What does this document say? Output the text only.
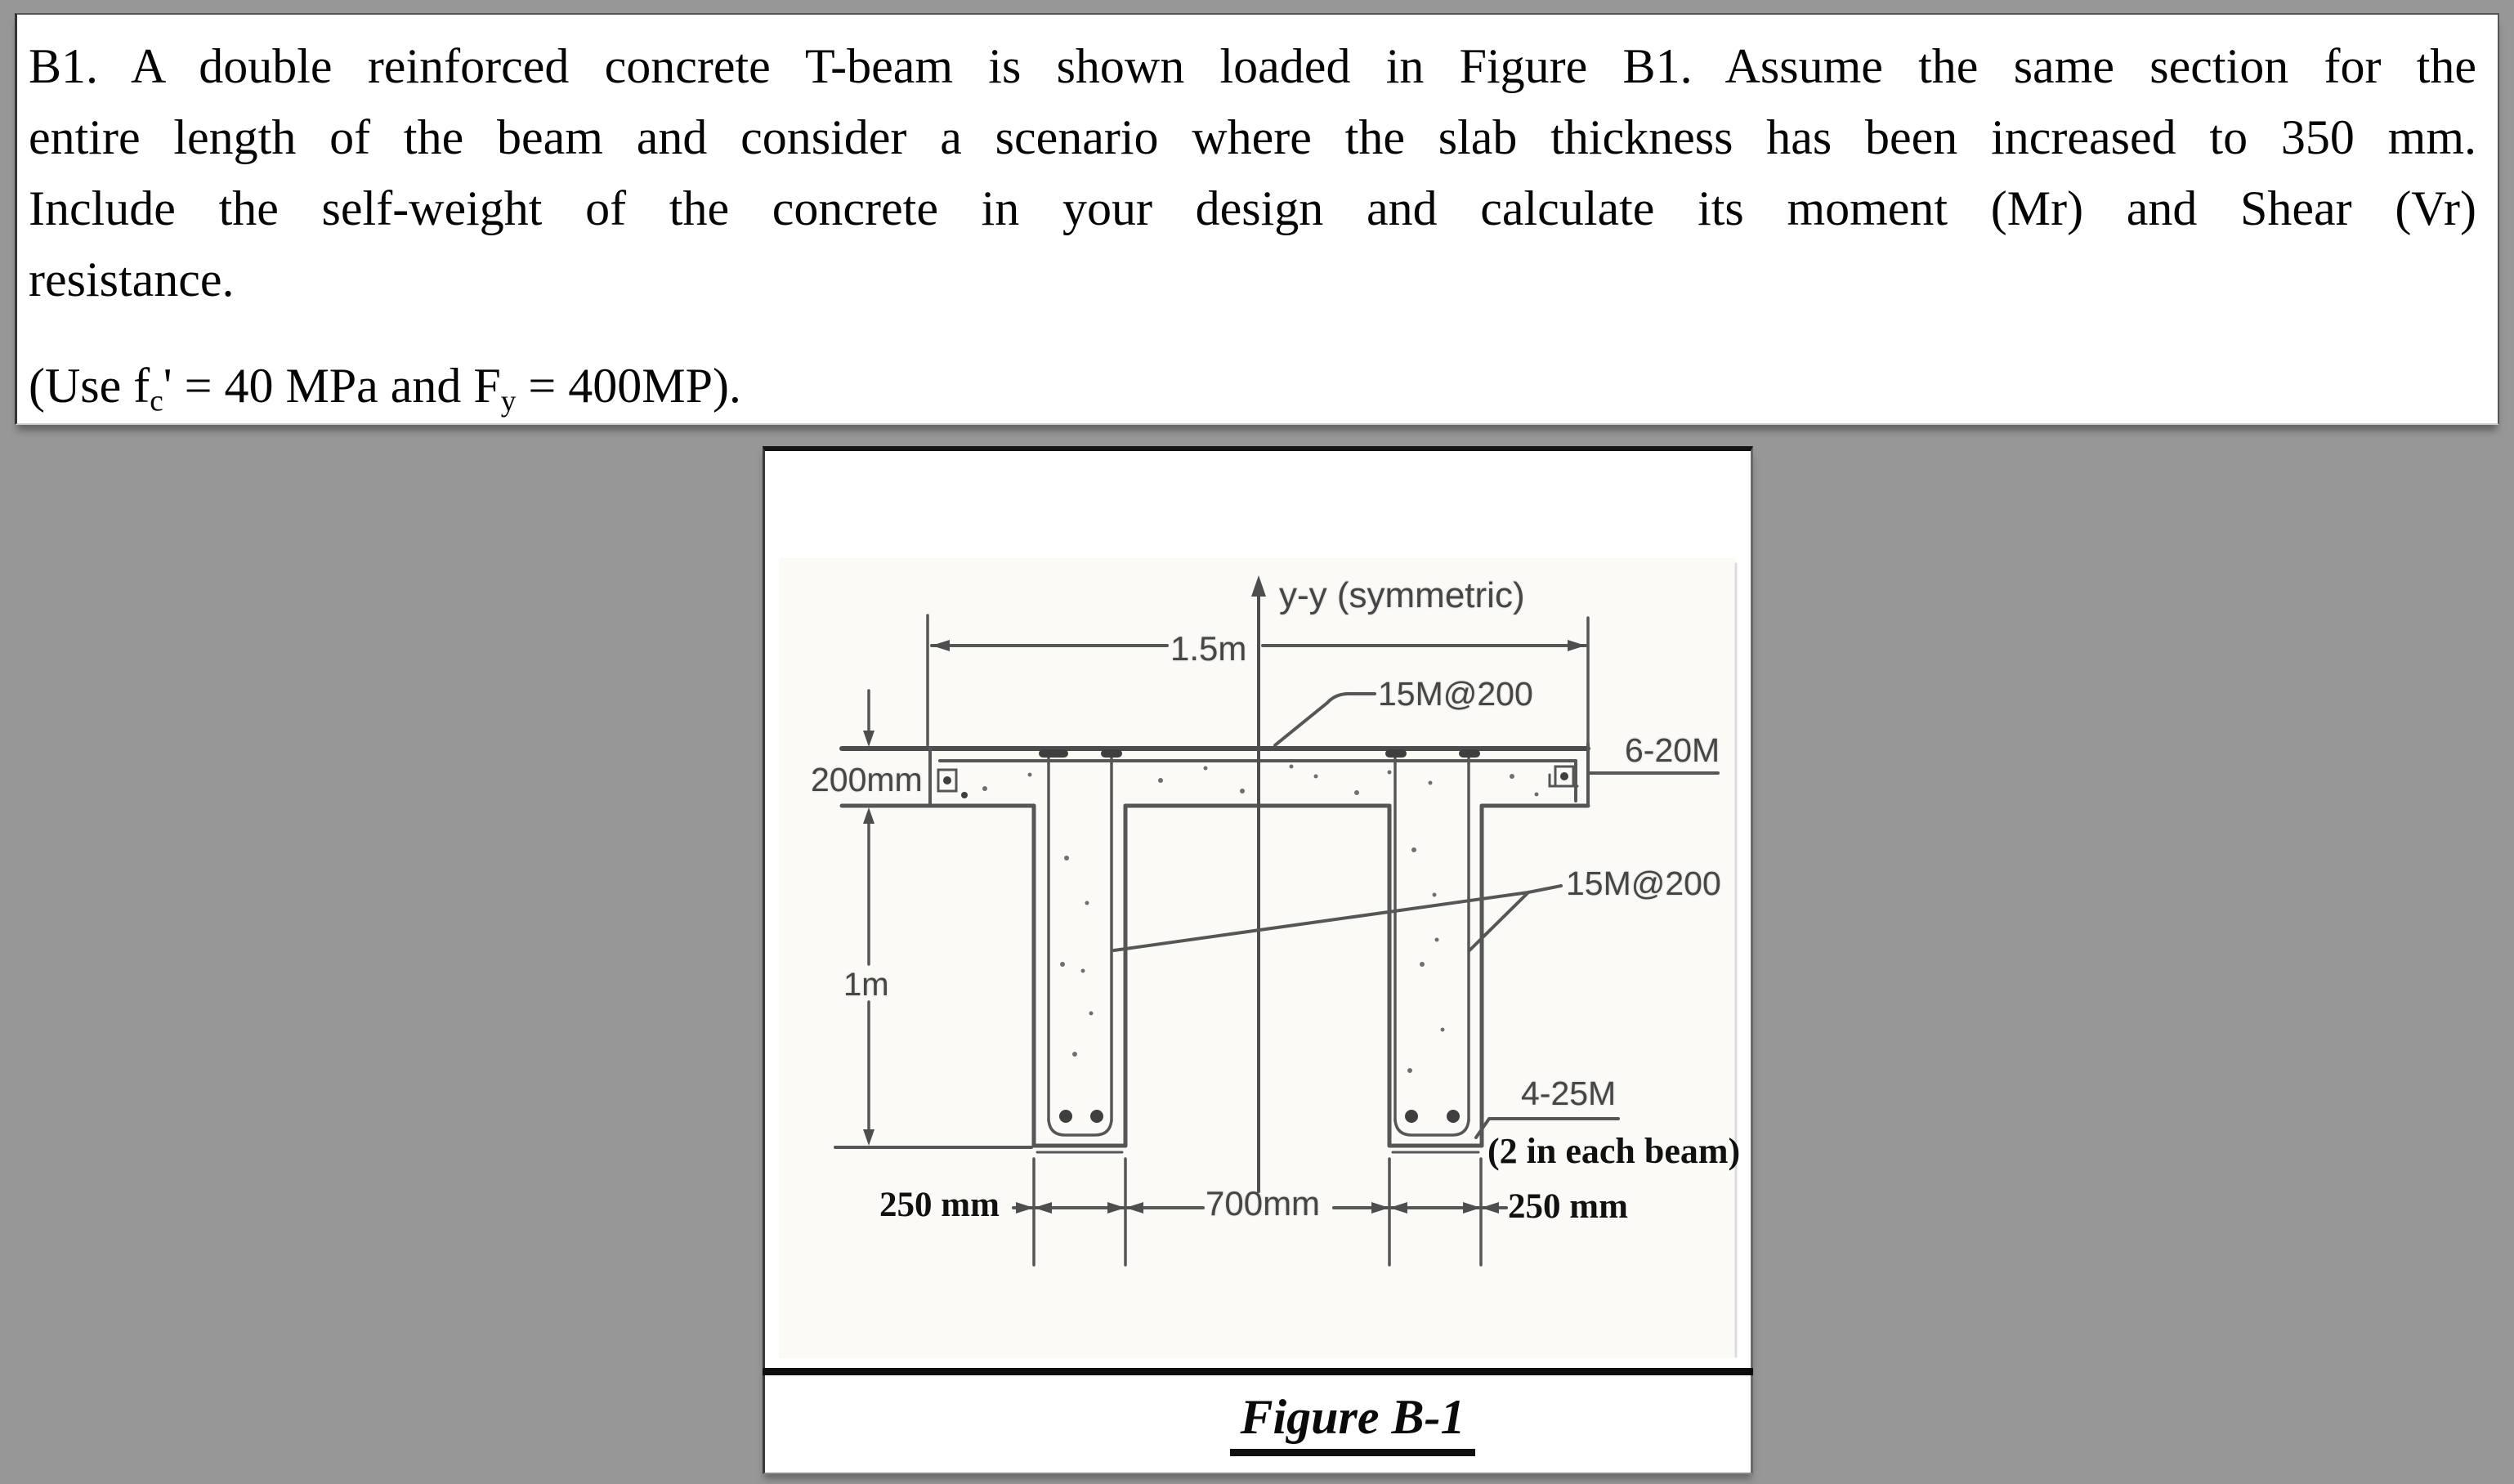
B1. A double reinforced concrete T-beam is shown loaded in Figure B1. Assume the same section for the
entire length of the beam and consider a scenario where the slab thickness has been increased to 350 mm.
Include the self-weight of the concrete in your design and calculate its moment (Mr) and Shear (Vr)
resistance.
(Use $f_c' = 40$ MPa and $F_y = 400MP$).
y-y (symmetric)
1.5m
15M@200
6-20M
200mm
15M@200
1m
4-25M
(2 in each beam)
250 mm	700mm	250 mm
Figure B-1
